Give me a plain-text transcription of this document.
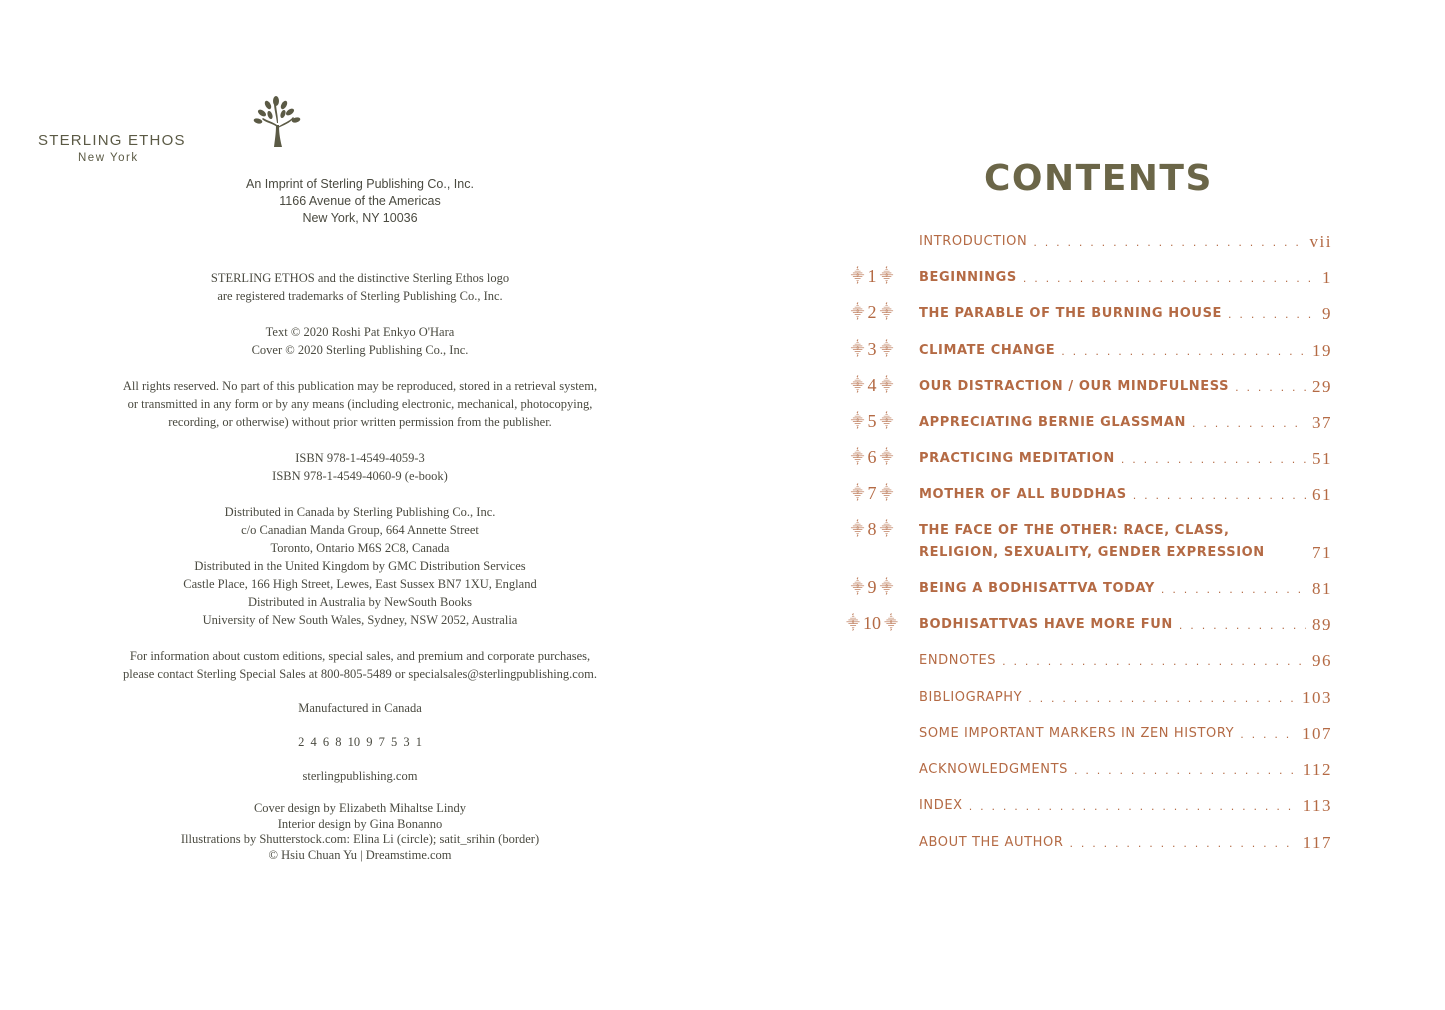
STERLING ETHOS
New York
An Imprint of Sterling Publishing Co., Inc.
1166 Avenue of the Americas
New York, NY 10036
STERLING ETHOS and the distinctive Sterling Ethos logo
are registered trademarks of Sterling Publishing Co., Inc.
Text © 2020 Roshi Pat Enkyo O'Hara
Cover © 2020 Sterling Publishing Co., Inc.
All rights reserved. No part of this publication may be reproduced, stored in a retrieval system,
or transmitted in any form or by any means (including electronic, mechanical, photocopying,
recording, or otherwise) without prior written permission from the publisher.
ISBN 978-1-4549-4059-3
ISBN 978-1-4549-4060-9 (e-book)
Distributed in Canada by Sterling Publishing Co., Inc.
c/o Canadian Manda Group, 664 Annette Street
Toronto, Ontario M6S 2C8, Canada
Distributed in the United Kingdom by GMC Distribution Services
Castle Place, 166 High Street, Lewes, East Sussex BN7 1XU, England
Distributed in Australia by NewSouth Books
University of New South Wales, Sydney, NSW 2052, Australia
For information about custom editions, special sales, and premium and corporate purchases,
please contact Sterling Special Sales at 800-805-5489 or specialsales@sterlingpublishing.com.
Manufactured in Canada
2 4 6 8 10 9 7 5 3 1
sterlingpublishing.com
Cover design by Elizabeth Mihaltse Lindy
Interior design by Gina Bonanno
Illustrations by Shutterstock.com: Elina Li (circle); satit_srihin (border)
© Hsiu Chuan Yu | Dreamstime.com
CONTENTS
INTRODUCTION . . .	vii
⸎ 1 ⸎	BEGINNINGS . . .	1
⸎ 2 ⸎	THE PARABLE OF THE BURNING HOUSE . . .	9
⸎ 3 ⸎	CLIMATE CHANGE . . .	19
⸎ 4 ⸎	OUR DISTRACTION / OUR MINDFULNESS . . .	29
⸎ 5 ⸎	APPRECIATING BERNIE GLASSMAN . . .	37
⸎ 6 ⸎	PRACTICING MEDITATION . . .	51
⸎ 7 ⸎	MOTHER OF ALL BUDDHAS . . .	61
⸎ 8 ⸎	THE FACE OF THE OTHER: RACE, CLASS, RELIGION, SEXUALITY, GENDER EXPRESSION . . .	71
⸎ 9 ⸎	BEING A BODHISATTVA TODAY . . .	81
⸎ 10 ⸎	BODHISATTVAS HAVE MORE FUN . . .	89
ENDNOTES . . .	96
BIBLIOGRAPHY . . .	103
SOME IMPORTANT MARKERS IN ZEN HISTORY . . .	107
ACKNOWLEDGMENTS . . .	112
INDEX . . .	113
ABOUT THE AUTHOR . . .	117
